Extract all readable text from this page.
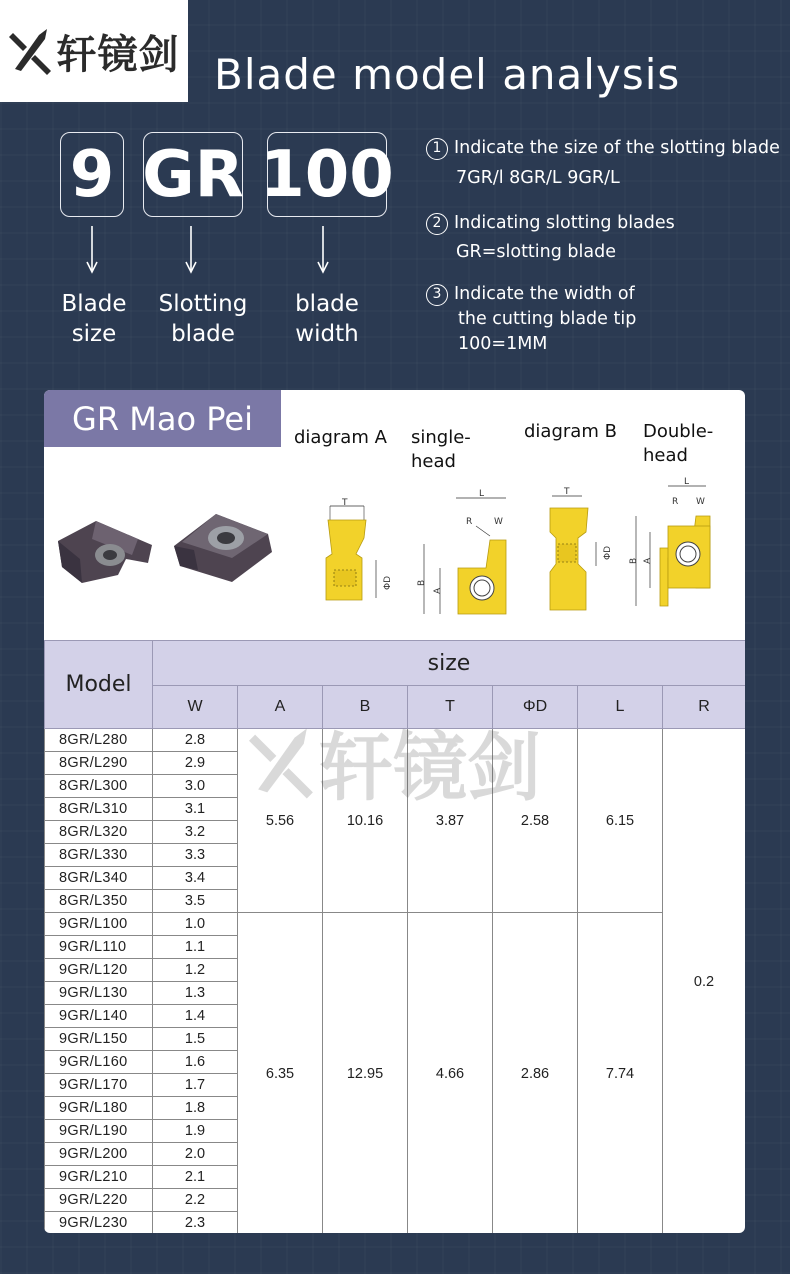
轩镜剑 Blade model analysis
9 GR 100
Blade
size
Slotting
blade
blade
width
1 Indicate the size of the slotting blade
7GR/l 8GR/L 9GR/L
2 Indicating slotting blades
GR=slotting blade
3 Indicate the width of
the cutting blade tip
100=1MM
GR Mao Pei	diagram A single-
head
diagram B Double-
head
T
ΦD
L
R W
B
A
T
ΦD
L
R W
B A
Model	size						
	W	A	B	T	ΦD	L	R
8GR/L280	2.8	5.56	10.16	3.87	2.58	6.15	0.2
8GR/L290	2.9						
8GR/L300	3.0						
8GR/L310	3.1						
8GR/L320	3.2						
8GR/L330	3.3						
8GR/L340	3.4						
8GR/L350	3.5						
9GR/L100	1.0	6.35	12.95	4.66	2.86	7.74	
9GR/L110	1.1						
9GR/L120	1.2						
9GR/L130	1.3						
9GR/L140	1.4						
9GR/L150	1.5						
9GR/L160	1.6						
9GR/L170	1.7						
9GR/L180	1.8						
9GR/L190	1.9						
9GR/L200	2.0						
9GR/L210	2.1						
9GR/L220	2.2						
9GR/L230	2.3						
轩镜剑
